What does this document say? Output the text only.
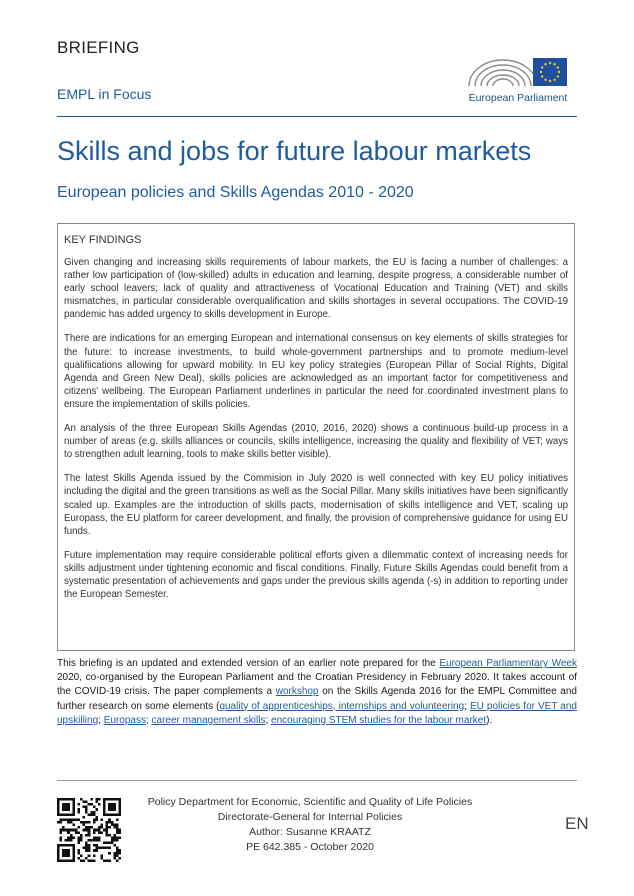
BRIEFING
EMPL in Focus	European Parliament
Skills and jobs for future labour markets
European policies and Skills Agendas 2010 - 2020
KEY FINDINGS

Given changing and increasing skills requirements of labour markets, the EU is facing a number of challenges: a rather low participation of (low-skilled) adults in education and learning, despite progress, a considerable number of early school leavers; lack of quality and attractiveness of Vocational Education and Training (VET) and skills mismatches, in particular considerable overqualification and skills shortages in several occupations. The COVID-19 pandemic has added urgency to skills development in Europe.

There are indications for an emerging European and international consensus on key elements of skills strategies for the future: to increase investments, to build whole-government partnerships and to promote medium-level qualifiications allowing for upward mobility. In EU key policy strategies (European Pillar of Social Rights, Digital Agenda and Green New Deal), skills policies are acknowledged as an important factor for competitiveness and citizens' wellbeing. The European Parliament underlines in particular the need for coordinated investment plans to ensure the implementation of skills policies.

An analysis of the three European Skills Agendas (2010, 2016, 2020) shows a continuous build-up process in a number of areas (e.g. skills alliances or councils, skills intelligence, increasing the quality and flexibility of VET; ways to strengthen adult learning, tools to make skills better visible).

The latest Skills Agenda issued by the Commision in July 2020 is well connected with key EU policy initiatives including the digital and the green transitions as well as the Social Pillar. Many skills initiatives have been significantly scaled up. Examples are the introduction of skills pacts, modernisation of skills intelligence and VET, scaling up Europass, the EU platform for career development, and finally, the provision of comprehensive guidance for using EU funds.

Future implementation may require considerable political efforts given a dilemmatic context of increasing needs for skills adjustment under tightening economic and fiscal conditions. Finally, Future Skills Agendas could benefit from a systematic presentation of achievements and gaps under the previous skills agenda (-s) in addition to reporting under the European Semester.

This briefing is an updated and extended version of an earlier note prepared for the European Parliamentary Week 2020, co-organised by the European Parliament and the Croatian Presidency in February 2020. It takes account of the COVID-19 crisis. The paper complements a workshop on the Skills Agenda 2016 for the EMPL Committee and further research on some elements (quality of apprenticeships, internships and volunteering; EU policies for VET and upskilling; Europass; career management skills; encouraging STEM studies for the labour market).
Policy Department for Economic, Scientific and Quality of Life Policies
Directorate-General for Internal Policies
Author: Susanne KRAATZ
PE 642.385 - October 2020
EN
